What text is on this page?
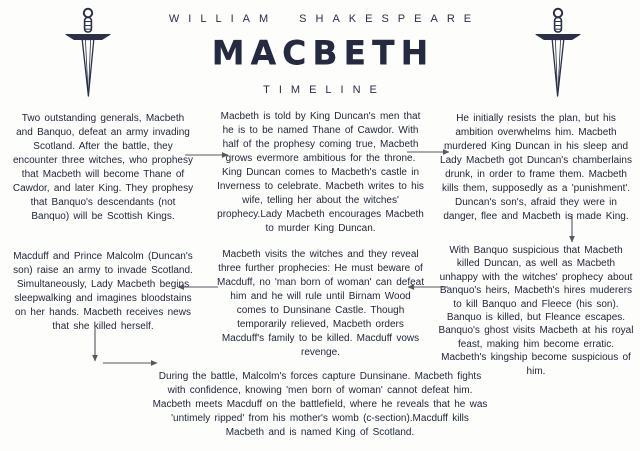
WILLIAM SHAKESPEARE
MACBETH
TIMELINE
Two outstanding generals, Macbeth and Banquo, defeat an army invading Scotland. After the battle, they encounter three witches, who prophesy that Macbeth will become Thane of Cawdor, and later King. They prophesy that Banquo's descendants (not Banquo) will be Scottish Kings.
Macbeth is told by King Duncan's men that he is to be named Thane of Cawdor. With half of the prophesy coming true, Macbeth grows evermore ambitious for the throne. King Duncan comes to Macbeth's castle in Inverness to celebrate. Macbeth writes to his wife, telling her about the witches' prophecy.Lady Macbeth encourages Macbeth to murder King Duncan.
He initially resists the plan, but his ambition overwhelms him. Macbeth murdered King Duncan in his sleep and Lady Macbeth got Duncan's chamberlains drunk, in order to frame them. Macbeth kills them, supposedly as a 'punishment'. Duncan's son's, afraid they were in danger, flee and Macbeth is made King.
With Banquo suspicious that Macbeth killed Duncan, as well as Macbeth unhappy with the witches' prophecy about Banquo's heirs, Macbeth's hires muderers to kill Banquo and Fleece (his son). Banquo is killed, but Fleance escapes. Banquo's ghost visits Macbeth at his royal feast, making him become erratic. Macbeth's kingship become suspicious of him.
Macbeth visits the witches and they reveal three further prophecies: He must beware of Macduff, no 'man born of woman' can defeat him and he will rule until Birnam Wood comes to Dunsinane Castle. Though temporarily relieved, Macbeth orders Macduff's family to be killed. Macduff vows revenge.
Macduff and Prince Malcolm (Duncan's son) raise an army to invade Scotland. Simultaneously, Lady Macbeth begins sleepwalking and imagines bloodstains on her hands. Macbeth receives news that she killed herself.
During the battle, Malcolm's forces capture Dunsinane. Macbeth fights with confidence, knowing 'men born of woman' cannot defeat him. Macbeth meets Macduff on the battlefield, where he reveals that he was 'untimely ripped' from his mother's womb (c-section).Macduff kills Macbeth and is named King of Scotland.
